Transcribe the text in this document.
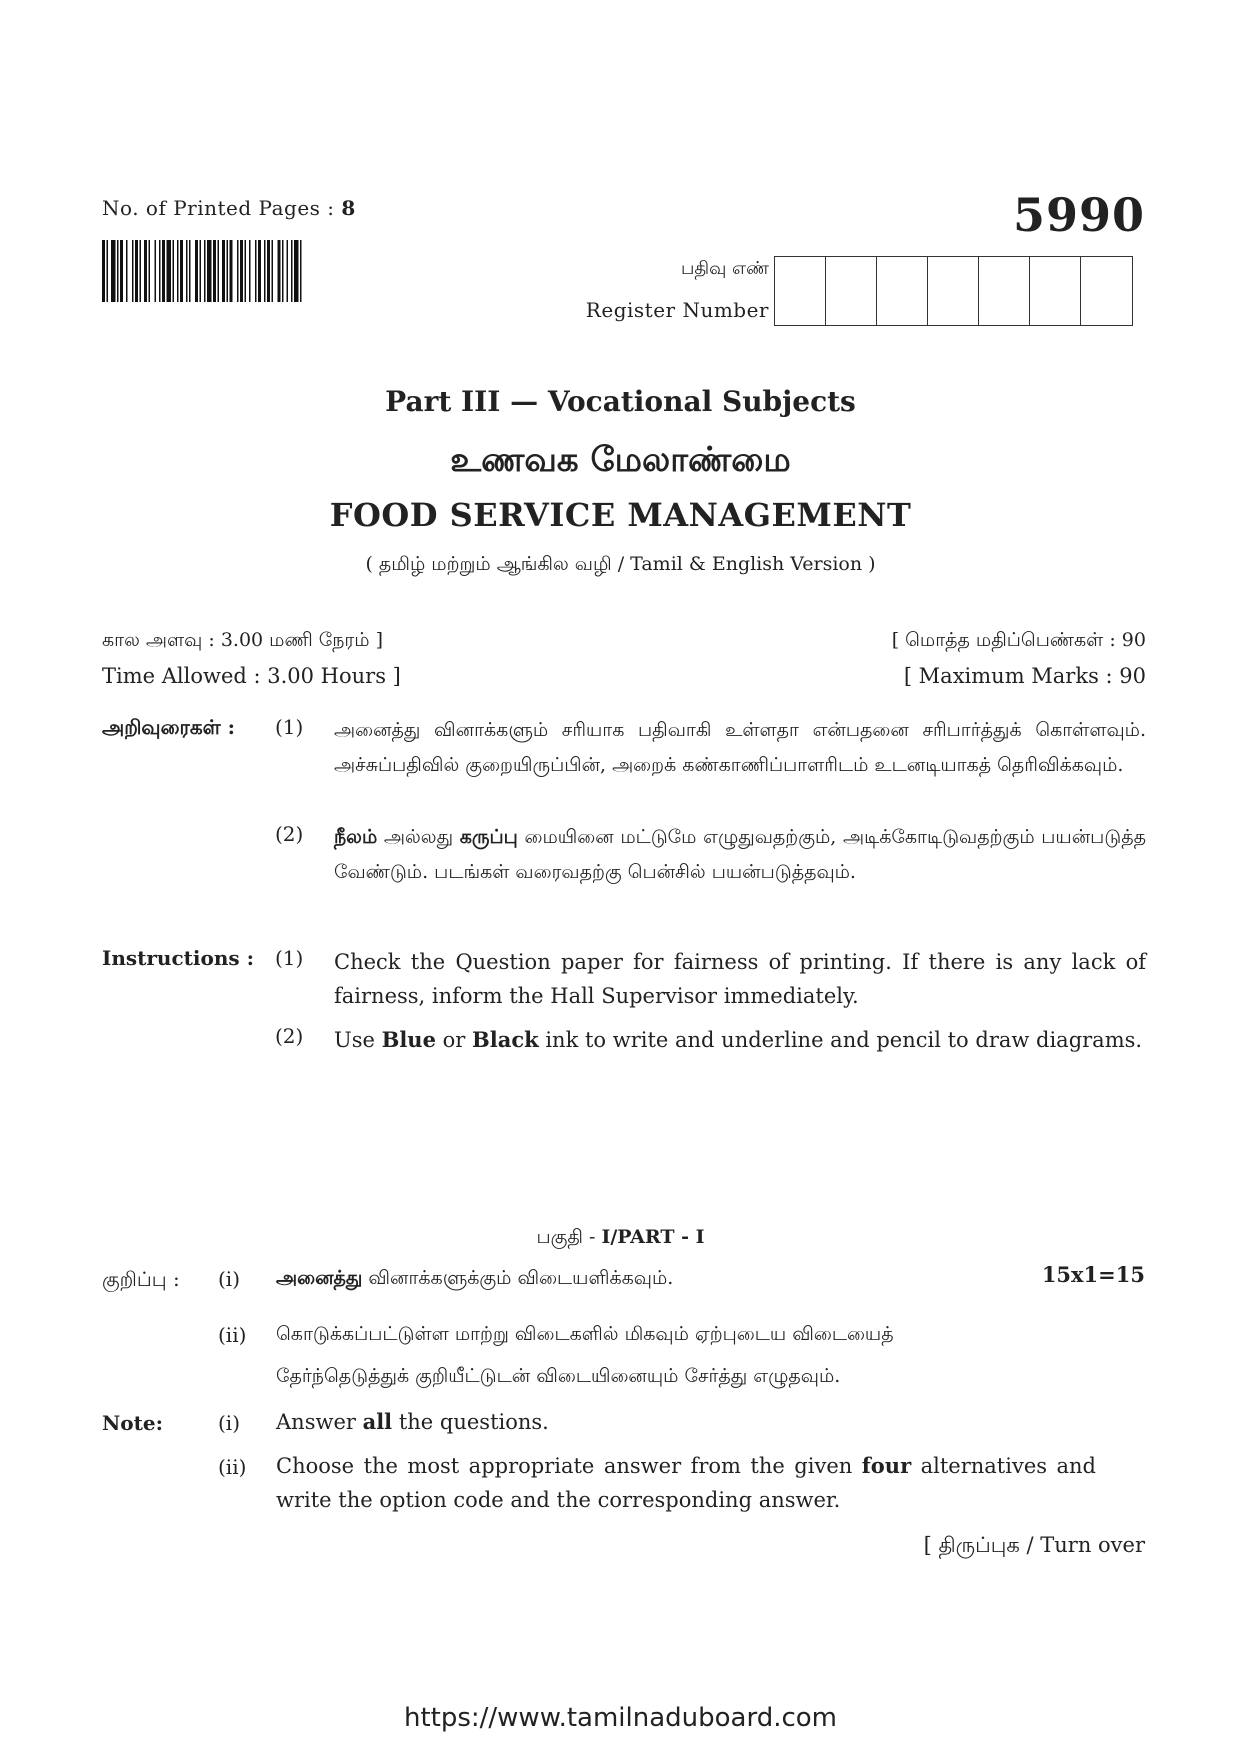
No. of Printed Pages : 8	5990
பதிவு எண்
Register Number
Part III — Vocational Subjects
உணவக மேலாண்மை
FOOD SERVICE MANAGEMENT
( தமிழ் மற்றும் ஆங்கில வழி / Tamil & English Version )
கால அளவு : 3.00 மணி நேரம் ]	[ மொத்த மதிப்பெண்கள் : 90
Time Allowed : 3.00 Hours ]	[ Maximum Marks : 90
அறிவுரைகள் : (1) அனைத்து வினாக்களும் சரியாக பதிவாகி உள்ளதா என்பதனை சரிபார்த்துக் கொள்ளவும். அச்சுப்பதிவில் குறையிருப்பின், அறைக் கண்காணிப்பாளரிடம் உடனடியாகத் தெரிவிக்கவும்.
(2) நீலம் அல்லது கருப்பு மையினை மட்டுமே எழுதுவதற்கும், அடிக்கோடிடுவதற்கும் பயன்படுத்த வேண்டும். படங்கள் வரைவதற்கு பென்சில் பயன்படுத்தவும்.
Instructions : (1) Check the Question paper for fairness of printing. If there is any lack of fairness, inform the Hall Supervisor immediately.
(2) Use Blue or Black ink to write and underline and pencil to draw diagrams.
பகுதி - I/PART - I
15x1=15
குறிப்பு : (i) அனைத்து வினாக்களுக்கும் விடையளிக்கவும்.
(ii) கொடுக்கப்பட்டுள்ள மாற்று விடைகளில் மிகவும் ஏற்புடைய விடையைத்
தேர்ந்தெடுத்துக் குறியீட்டுடன் விடையினையும் சேர்த்து எழுதவும்.
Note:	(i) Answer all the questions.
(ii) Choose the most appropriate answer from the given four alternatives and write the option code and the corresponding answer.
[ திருப்புக / Turn over
https://www.tamilnaduboard.com
